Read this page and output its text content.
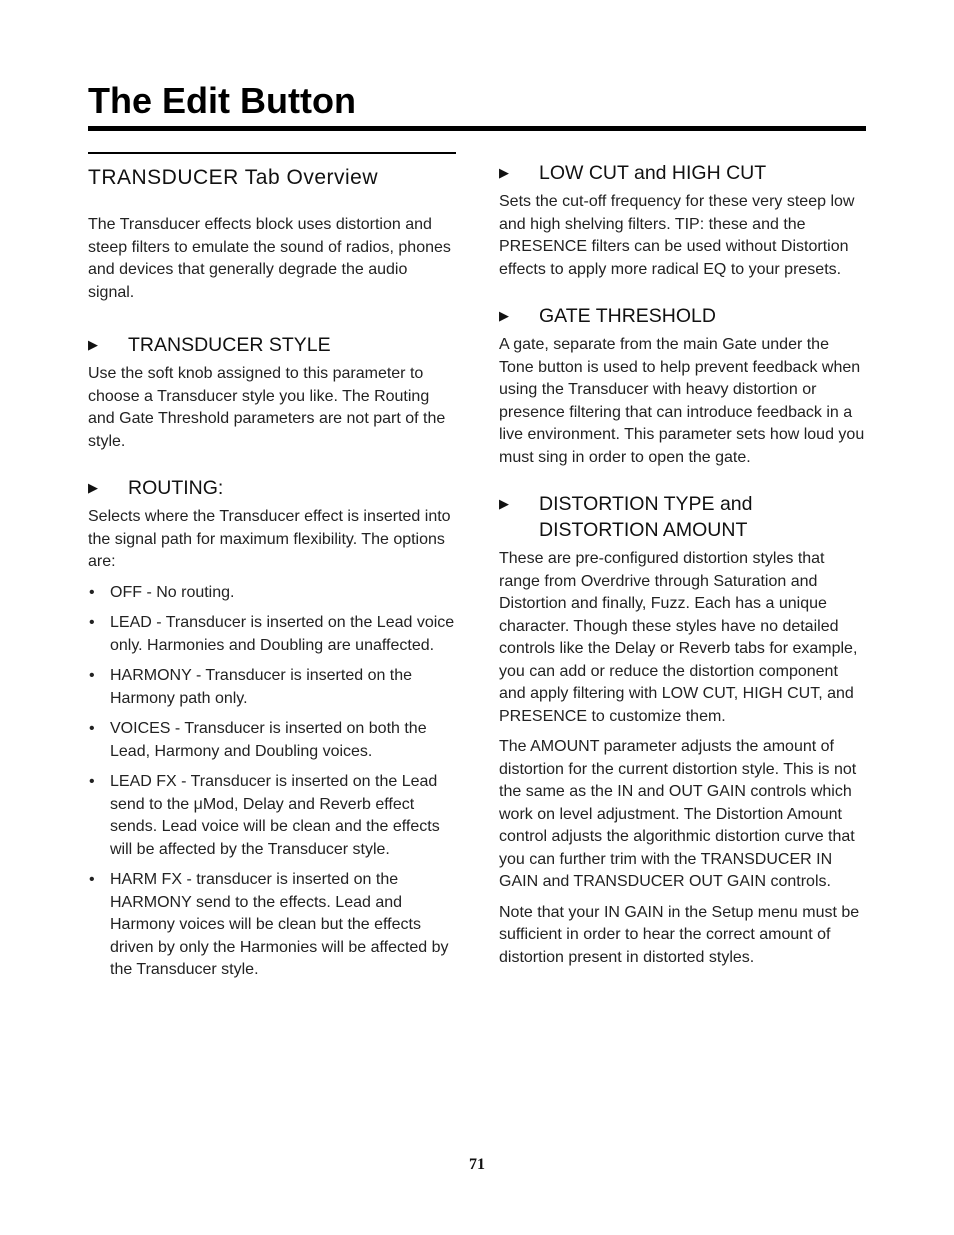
The Edit Button
TRANSDUCER Tab Overview

The Transducer effects block uses distortion and steep filters to emulate the sound of radios, phones and devices that generally degrade the audio signal.

▶	TRANSDUCER STYLE

Use the soft knob assigned to this parameter to choose a Transducer style you like. The Routing and Gate Threshold parameters are not part of the style.

▶	ROUTING:

Selects where the Transducer effect is inserted into the signal path for maximum flexibility. The options are:

• OFF - No routing.
• LEAD - Transducer is inserted on the Lead voice only. Harmonies and Doubling are unaffected.
• HARMONY - Transducer is inserted on the Harmony path only.
• VOICES - Transducer is inserted on both the Lead, Harmony and Doubling voices.
• LEAD FX - Transducer is inserted on the Lead send to the μMod, Delay and Reverb effect sends. Lead voice will be clean and the effects will be affected by the Transducer style.
• HARM FX - transducer is inserted on the HARMONY send to the effects. Lead and Harmony voices will be clean but the effects driven by only the Harmonies will be affected by the Transducer style.
▶	LOW CUT and HIGH CUT

Sets the cut-off frequency for these very steep low and high shelving filters. TIP: these and the PRESENCE filters can be used without Distortion effects to apply more radical EQ to your presets.

▶	GATE THRESHOLD

A gate, separate from the main Gate under the Tone button is used to help prevent feedback when using the Transducer with heavy distortion or presence filtering that can introduce feedback in a live environment. This parameter sets how loud you must sing in order to open the gate.

▶	DISTORTION TYPE and DISTORTION AMOUNT

These are pre-configured distortion styles that range from Overdrive through Saturation and Distortion and finally, Fuzz. Each has a unique character. Though these styles have no detailed controls like the Delay or Reverb tabs for example, you can add or reduce the distortion component and apply filtering with LOW CUT, HIGH CUT, and PRESENCE to customize them.

The AMOUNT parameter adjusts the amount of distortion for the current distortion style. This is not the same as the IN and OUT GAIN controls which work on level adjustment. The Distortion Amount control adjusts the algorithmic distortion curve that you can further trim with the TRANSDUCER IN GAIN and TRANSDUCER OUT GAIN controls.

Note that your IN GAIN in the Setup menu must be sufficient in order to hear the correct amount of distortion present in distorted styles.

71
